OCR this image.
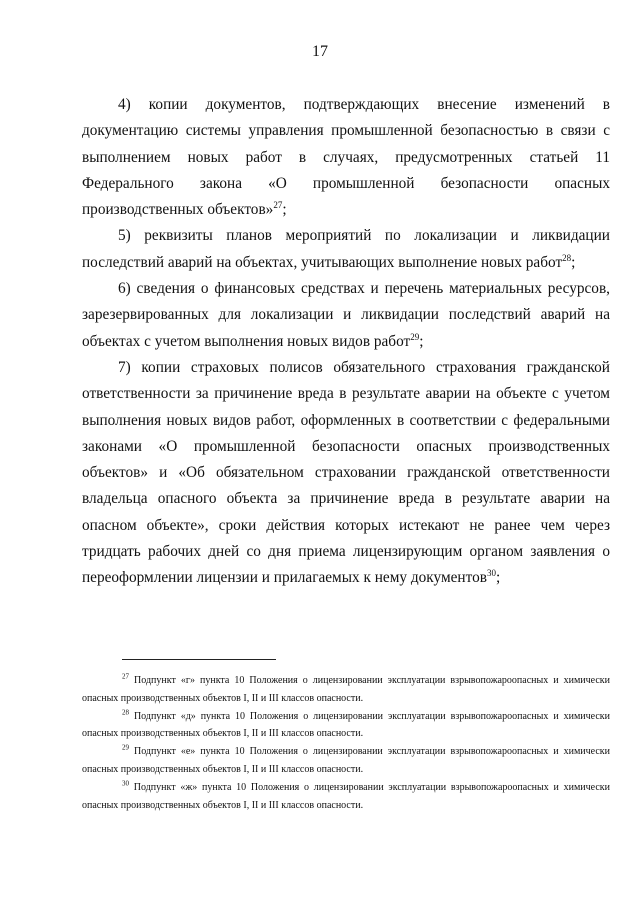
17

4) копии документов, подтверждающих внесение изменений в документацию системы управления промышленной безопасностью в связи с выполнением новых работ в случаях, предусмотренных статьей 11 Федерального закона «О промышленной безопасности опасных производственных объектов»$^{27}$;

5) реквизиты планов мероприятий по локализации и ликвидации последствий аварий на объектах, учитывающих выполнение новых работ$^{28}$;

6) сведения о финансовых средствах и перечень материальных ресурсов, зарезервированных для локализации и ликвидации последствий аварий на объектах с учетом выполнения новых видов работ$^{29}$;

7) копии страховых полисов обязательного страхования гражданской ответственности за причинение вреда в результате аварии на объекте с учетом выполнения новых видов работ, оформленных в соответствии с федеральными законами «О промышленной безопасности опасных производственных объектов» и «Об обязательном страховании гражданской ответственности владельца опасного объекта за причинение вреда в результате аварии на опасном объекте», сроки действия которых истекают не ранее чем через тридцать рабочих дней со дня приема лицензирующим органом заявления о переоформлении лицензии и прилагаемых к нему документов$^{30}$;

$^{27}$ Подпункт «г» пункта 10 Положения о лицензировании эксплуатации взрывопожароопасных и химически опасных производственных объектов I, II и III классов опасности.

$^{28}$ Подпункт «д» пункта 10 Положения о лицензировании эксплуатации взрывопожароопасных и химически опасных производственных объектов I, II и III классов опасности.

$^{29}$ Подпункт «е» пункта 10 Положения о лицензировании эксплуатации взрывопожароопасных и химически опасных производственных объектов I, II и III классов опасности.

$^{30}$ Подпункт «ж» пункта 10 Положения о лицензировании эксплуатации взрывопожароопасных и химически опасных производственных объектов I, II и III классов опасности.
